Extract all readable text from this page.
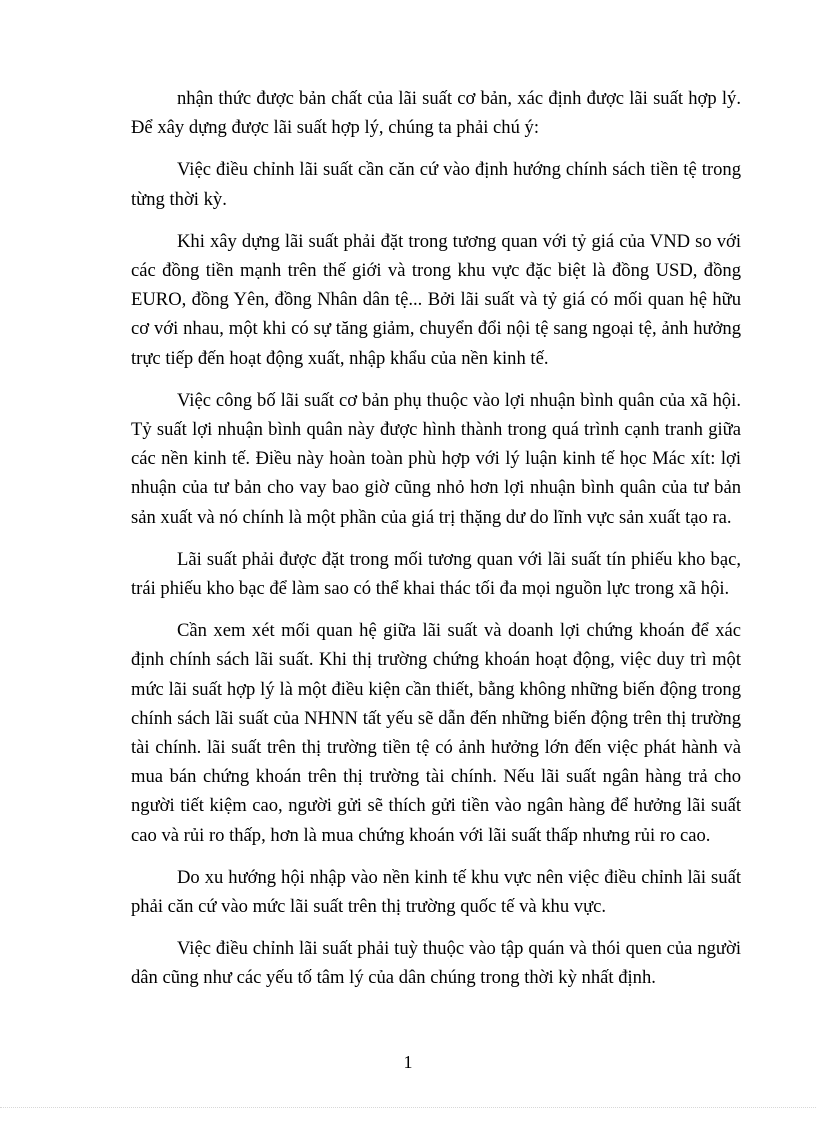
nhận thức được bản chất của lãi suất cơ bản, xác định được lãi suất hợp lý. Để xây dựng được lãi suất hợp lý, chúng ta phải chú ý:

Việc điều chỉnh lãi suất cần căn cứ vào định hướng chính sách tiền tệ trong từng thời kỳ.

Khi xây dựng lãi suất phải đặt trong tương quan với tỷ giá của VND so với các đồng tiền mạnh trên thế giới và trong khu vực đặc biệt là đồng USD, đồng EURO, đồng Yên, đồng Nhân dân tệ... Bởi lãi suất và tỷ giá có mối quan hệ hữu cơ với nhau, một khi có sự tăng giảm, chuyển đổi nội tệ sang ngoại tệ, ảnh hưởng trực tiếp đến hoạt động xuất, nhập khẩu của nền kinh tế.

Việc công bố lãi suất cơ bản phụ thuộc vào lợi nhuận bình quân của xã hội. Tỷ suất lợi nhuận bình quân này được hình thành trong quá trình cạnh tranh giữa các nền kinh tế. Điều này hoàn toàn phù hợp với lý luận kinh tế học Mác xít: lợi nhuận của tư bản cho vay bao giờ cũng nhỏ hơn lợi nhuận bình quân của tư bản sản xuất và nó chính là một phần của giá trị thặng dư do lĩnh vực sản xuất tạo ra.

Lãi suất phải được đặt trong mối tương quan với lãi suất tín phiếu kho bạc, trái phiếu kho bạc để làm sao có thể khai thác tối đa mọi nguồn lực trong xã hội.

Cần xem xét mối quan hệ giữa lãi suất và doanh lợi chứng khoán để xác định chính sách lãi suất. Khi thị trường chứng khoán hoạt động, việc duy trì một mức lãi suất hợp lý là một điều kiện cần thiết, bằng không những biến động trong chính sách lãi suất của NHNN tất yếu sẽ dẫn đến những biến động trên thị trường tài chính. lãi suất trên thị trường tiền tệ có ảnh hưởng lớn đến việc phát hành và mua bán chứng khoán trên thị trường tài chính. Nếu lãi suất ngân hàng trả cho người tiết kiệm cao, người gửi sẽ thích gửi tiền vào ngân hàng để hưởng lãi suất cao và rủi ro thấp, hơn là mua chứng khoán với lãi suất thấp nhưng rủi ro cao.

Do xu hướng hội nhập vào nền kinh tế khu vực nên việc điều chỉnh lãi suất phải căn cứ vào mức lãi suất trên thị trường quốc tế và khu vực.

Việc điều chỉnh lãi suất phải tuỳ thuộc vào tập quán và thói quen của người dân cũng như các yếu tố tâm lý của dân chúng trong thời kỳ nhất định.

1
